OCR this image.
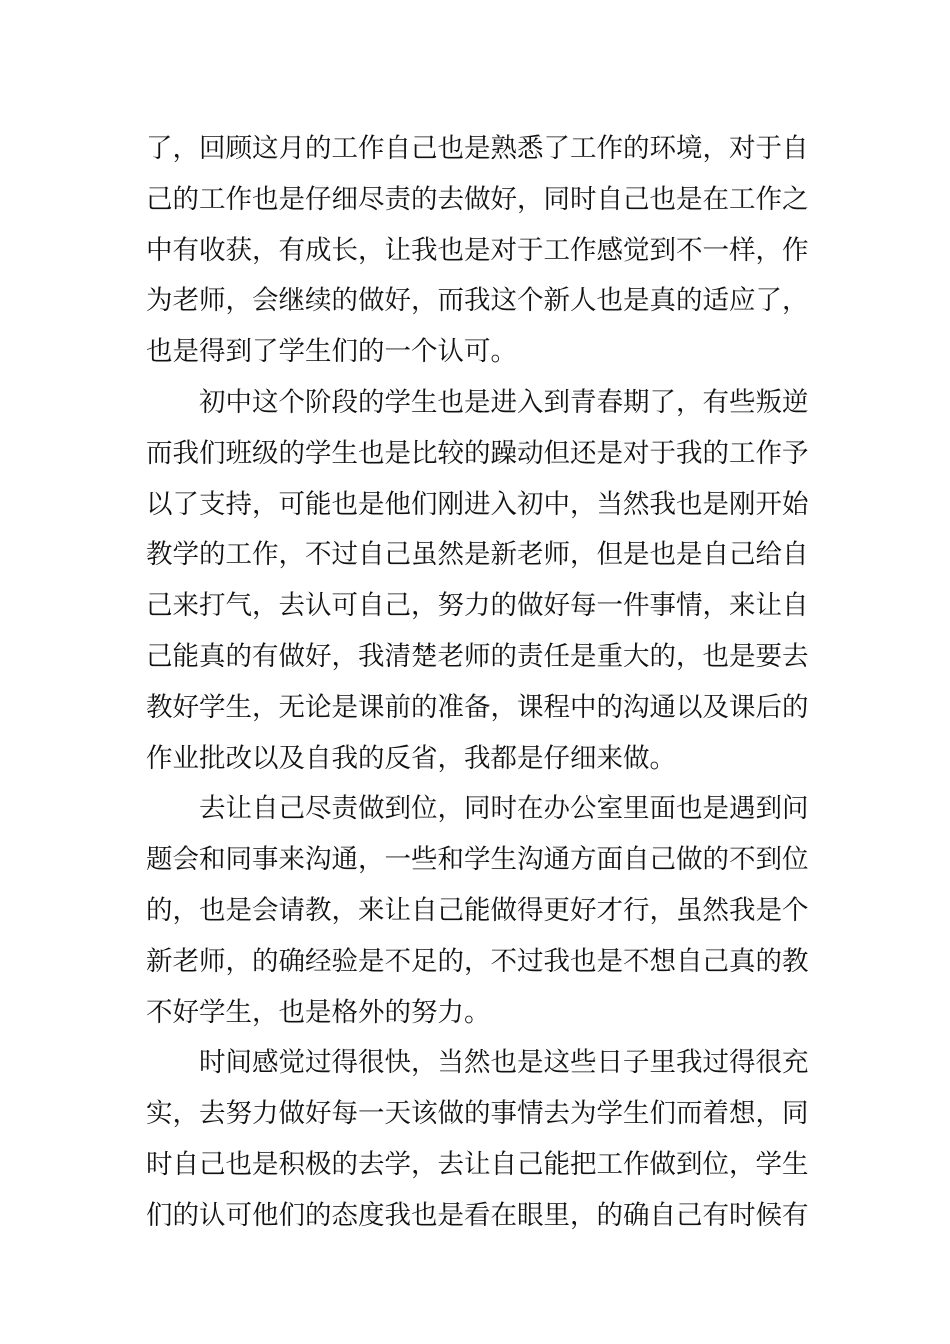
了，回顾这月的工作自己也是熟悉了工作的环境，对于自
己的工作也是仔细尽责的去做好，同时自己也是在工作之
中有收获，有成长，让我也是对于工作感觉到不一样，作
为老师，会继续的做好，而我这个新人也是真的适应了，
也是得到了学生们的一个认可。
初中这个阶段的学生也是进入到青春期了，有些叛逆
而我们班级的学生也是比较的躁动但还是对于我的工作予
以了支持，可能也是他们刚进入初中，当然我也是刚开始
教学的工作，不过自己虽然是新老师，但是也是自己给自
己来打气，去认可自己，努力的做好每一件事情，来让自
己能真的有做好，我清楚老师的责任是重大的，也是要去
教好学生，无论是课前的准备，课程中的沟通以及课后的
作业批改以及自我的反省，我都是仔细来做。
去让自己尽责做到位，同时在办公室里面也是遇到问
题会和同事来沟通，一些和学生沟通方面自己做的不到位
的，也是会请教，来让自己能做得更好才行，虽然我是个
新老师，的确经验是不足的，不过我也是不想自己真的教
不好学生，也是格外的努力。
时间感觉过得很快，当然也是这些日子里我过得很充
实，去努力做好每一天该做的事情去为学生们而着想，同
时自己也是积极的去学，去让自己能把工作做到位，学生
们的认可他们的态度我也是看在眼里，的确自己有时候有
